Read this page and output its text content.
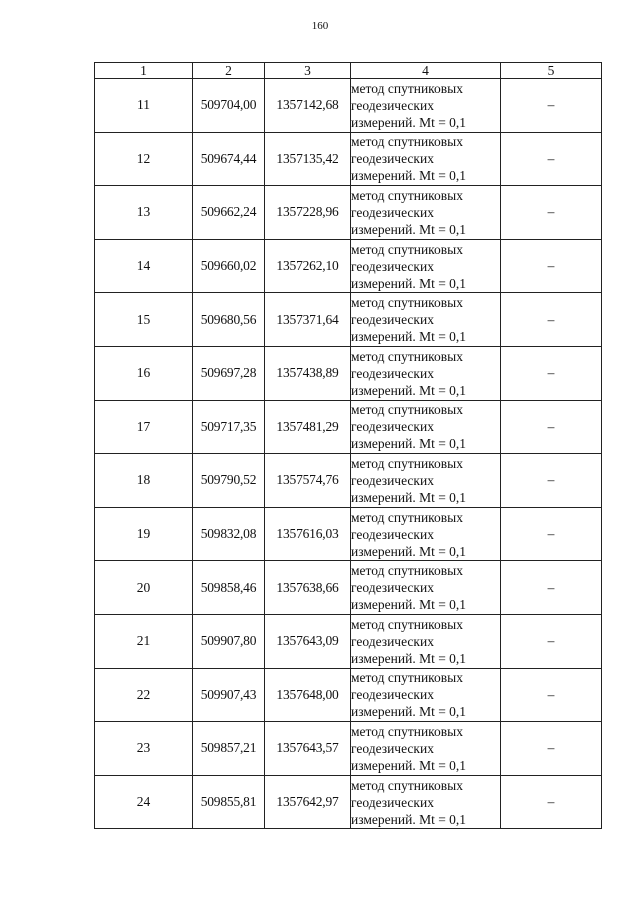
160
1	2	3	4	5
11	509704,00	1357142,68	метод спутниковых
геодезических
измерений. Mt = 0,1	–
12	509674,44	1357135,42	метод спутниковых
геодезических
измерений. Mt = 0,1	–
13	509662,24	1357228,96	метод спутниковых
геодезических
измерений. Mt = 0,1	–
14	509660,02	1357262,10	метод спутниковых
геодезических
измерений. Mt = 0,1	–
15	509680,56	1357371,64	метод спутниковых
геодезических
измерений. Mt = 0,1	–
16	509697,28	1357438,89	метод спутниковых
геодезических
измерений. Mt = 0,1	–
17	509717,35	1357481,29	метод спутниковых
геодезических
измерений. Mt = 0,1	–
18	509790,52	1357574,76	метод спутниковых
геодезических
измерений. Mt = 0,1	–
19	509832,08	1357616,03	метод спутниковых
геодезических
измерений. Mt = 0,1	–
20	509858,46	1357638,66	метод спутниковых
геодезических
измерений. Mt = 0,1	–
21	509907,80	1357643,09	метод спутниковых
геодезических
измерений. Mt = 0,1	–
22	509907,43	1357648,00	метод спутниковых
геодезических
измерений. Mt = 0,1	–
23	509857,21	1357643,57	метод спутниковых
геодезических
измерений. Mt = 0,1	–
24	509855,81	1357642,97	метод спутниковых
геодезических
измерений. Mt = 0,1	–
